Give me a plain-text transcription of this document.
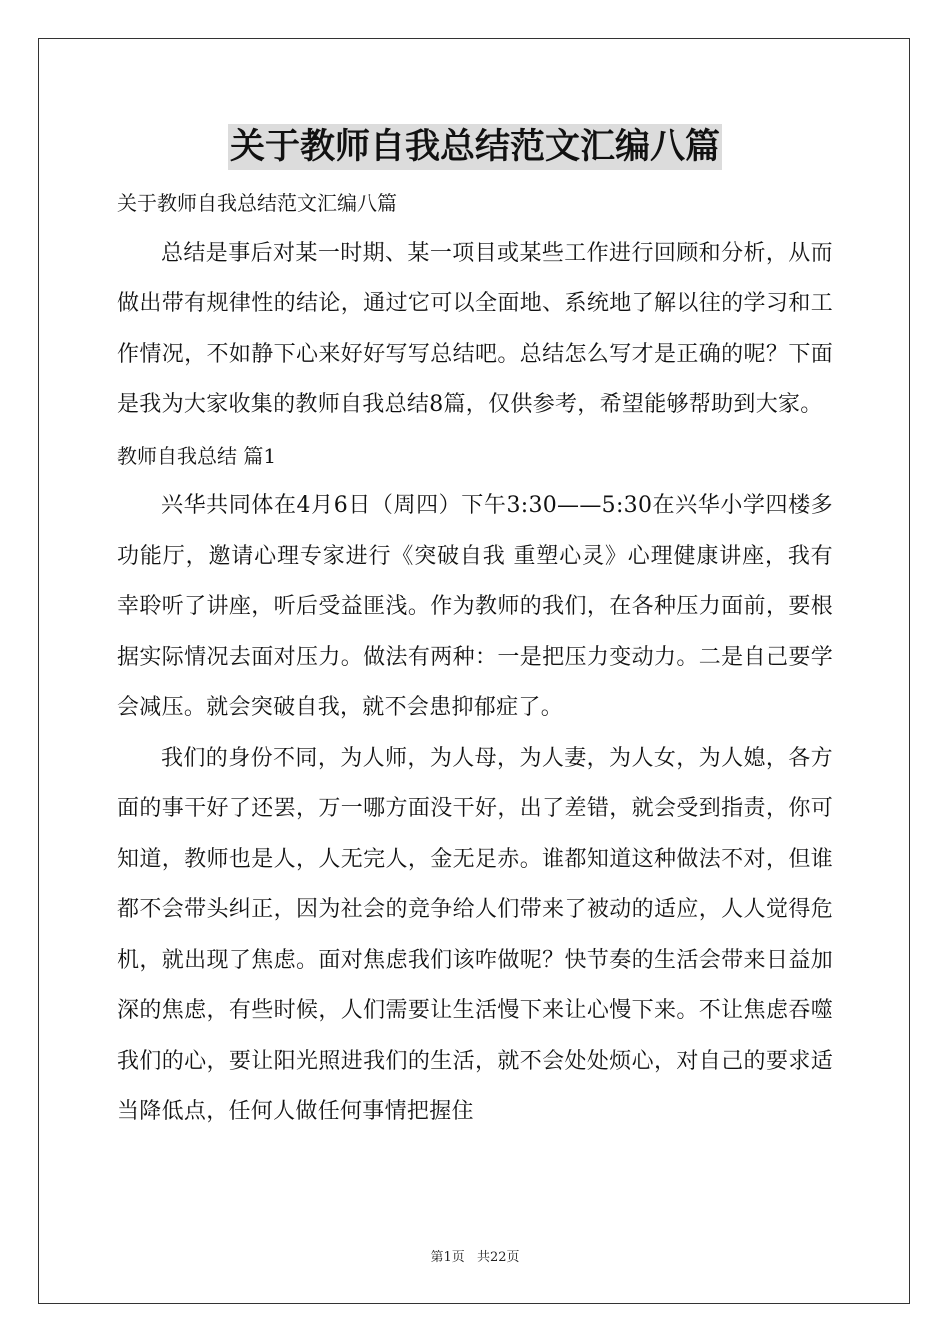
关于教师自我总结范文汇编八篇

关于教师自我总结范文汇编八篇

总结是事后对某一时期、某一项目或某些工作进行回顾和分析，从而做出带有规律性的结论，通过它可以全面地、系统地了解以往的学习和工作情况，不如静下心来好好写写总结吧。总结怎么写才是正确的呢？下面是我为大家收集的教师自我总结8篇，仅供参考，希望能够帮助到大家。

教师自我总结 篇1

兴华共同体在4月6日（周四）下午3:30——5:30在兴华小学四楼多功能厅，邀请心理专家进行《突破自我 重塑心灵》心理健康讲座，我有幸聆听了讲座，听后受益匪浅。作为教师的我们，在各种压力面前，要根据实际情况去面对压力。做法有两种：一是把压力变动力。二是自己要学会减压。就会突破自我，就不会患抑郁症了。

我们的身份不同，为人师，为人母，为人妻，为人女，为人媳，各方面的事干好了还罢，万一哪方面没干好，出了差错，就会受到指责，你可知道，教师也是人，人无完人，金无足赤。谁都知道这种做法不对，但谁都不会带头纠正，因为社会的竞争给人们带来了被动的适应，人人觉得危机，就出现了焦虑。面对焦虑我们该咋做呢？快节奏的生活会带来日益加深的焦虑，有些时候，人们需要让生活慢下来让心慢下来。不让焦虑吞噬我们的心，要让阳光照进我们的生活，就不会处处烦心，对自己的要求适当降低点，任何人做任何事情把握住

第1页 共22页
